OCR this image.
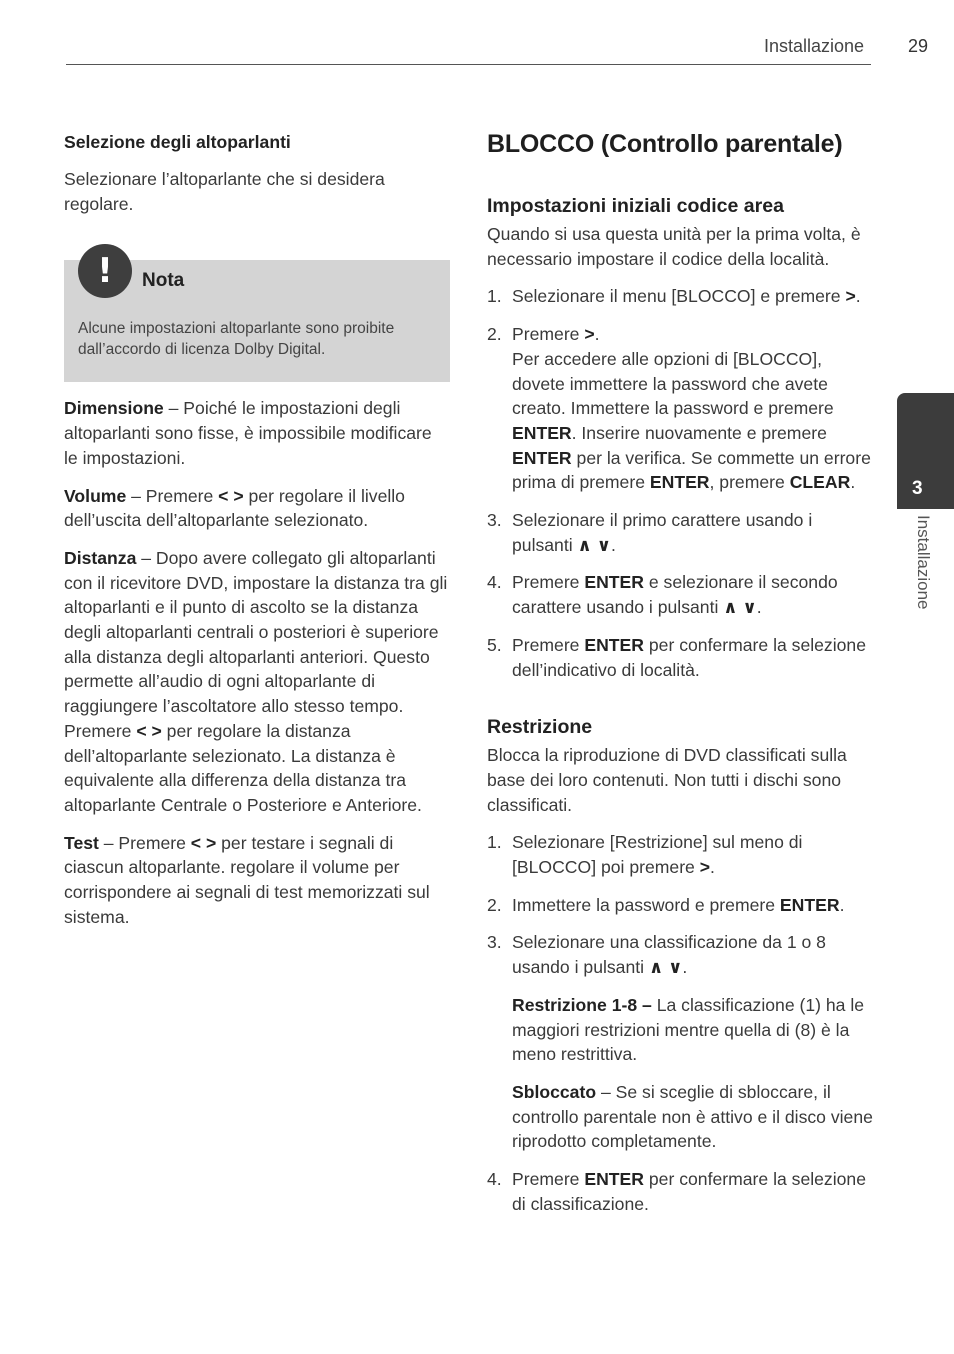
Installazione 29
3
Installazione
Selezione degli altoparlanti

Selezionare l’altoparlante che si desidera regolare.

!	Nota
Alcune impostazioni altoparlante sono proibite dall’accordo di licenza Dolby Digital.

Dimensione – Poiché le impostazioni degli altoparlanti sono fisse, è impossibile modificare le impostazioni.

Volume – Premere < > per regolare il livello dell’uscita dell’altoparlante selezionato.

Distanza – Dopo avere collegato gli altoparlanti con il ricevitore DVD, impostare la distanza tra gli altoparlanti e il punto di ascolto se la distanza degli altoparlanti centrali o posteriori è superiore alla distanza degli altoparlanti anteriori. Questo permette all’audio di ogni altoparlante di raggiungere l’ascoltatore allo stesso tempo. Premere < > per regolare la distanza dell’altoparlante selezionato. La distanza è equivalente alla differenza della distanza tra altoparlante Centrale o Posteriore e Anteriore.

Test – Premere < > per testare i segnali di ciascun altoparlante. regolare il volume per corrispondere ai segnali di test memorizzati sul sistema.

BLOCCO (Controllo parentale)
Impostazioni iniziali codice area

Quando si usa questa unità per la prima volta, è necessario impostare il codice della località.

1. Selezionare il menu [BLOCCO] e premere >.
2. Premere >.
Per accedere alle opzioni di [BLOCCO], dovete immettere la password che avete creato. Immettere la password e premere ENTER. Inserire nuovamente e premere ENTER per la verifica. Se commette un errore prima di premere ENTER, premere CLEAR.
3. Selezionare il primo carattere usando i pulsanti ∧ ∨.
4. Premere ENTER e selezionare il secondo carattere usando i pulsanti ∧ ∨.
5. Premere ENTER per confermare la selezione dell’indicativo di località.
Restrizione

Blocca la riproduzione di DVD classificati sulla base dei loro contenuti. Non tutti i dischi sono classificati.

1. Selezionare [Restrizione] sul meno di [BLOCCO] poi premere >.
2. Immettere la password e premere ENTER.
3. Selezionare una classificazione da 1 o 8 usando i pulsanti ∧ ∨.

Restrizione 1-8 – La classificazione (1) ha le maggiori restrizioni mentre quella di (8) è la meno restrittiva.

Sbloccato – Se si sceglie di sbloccare, il controllo parentale non è attivo e il disco viene riprodotto completamente.

4. Premere ENTER per confermare la selezione di classificazione.
